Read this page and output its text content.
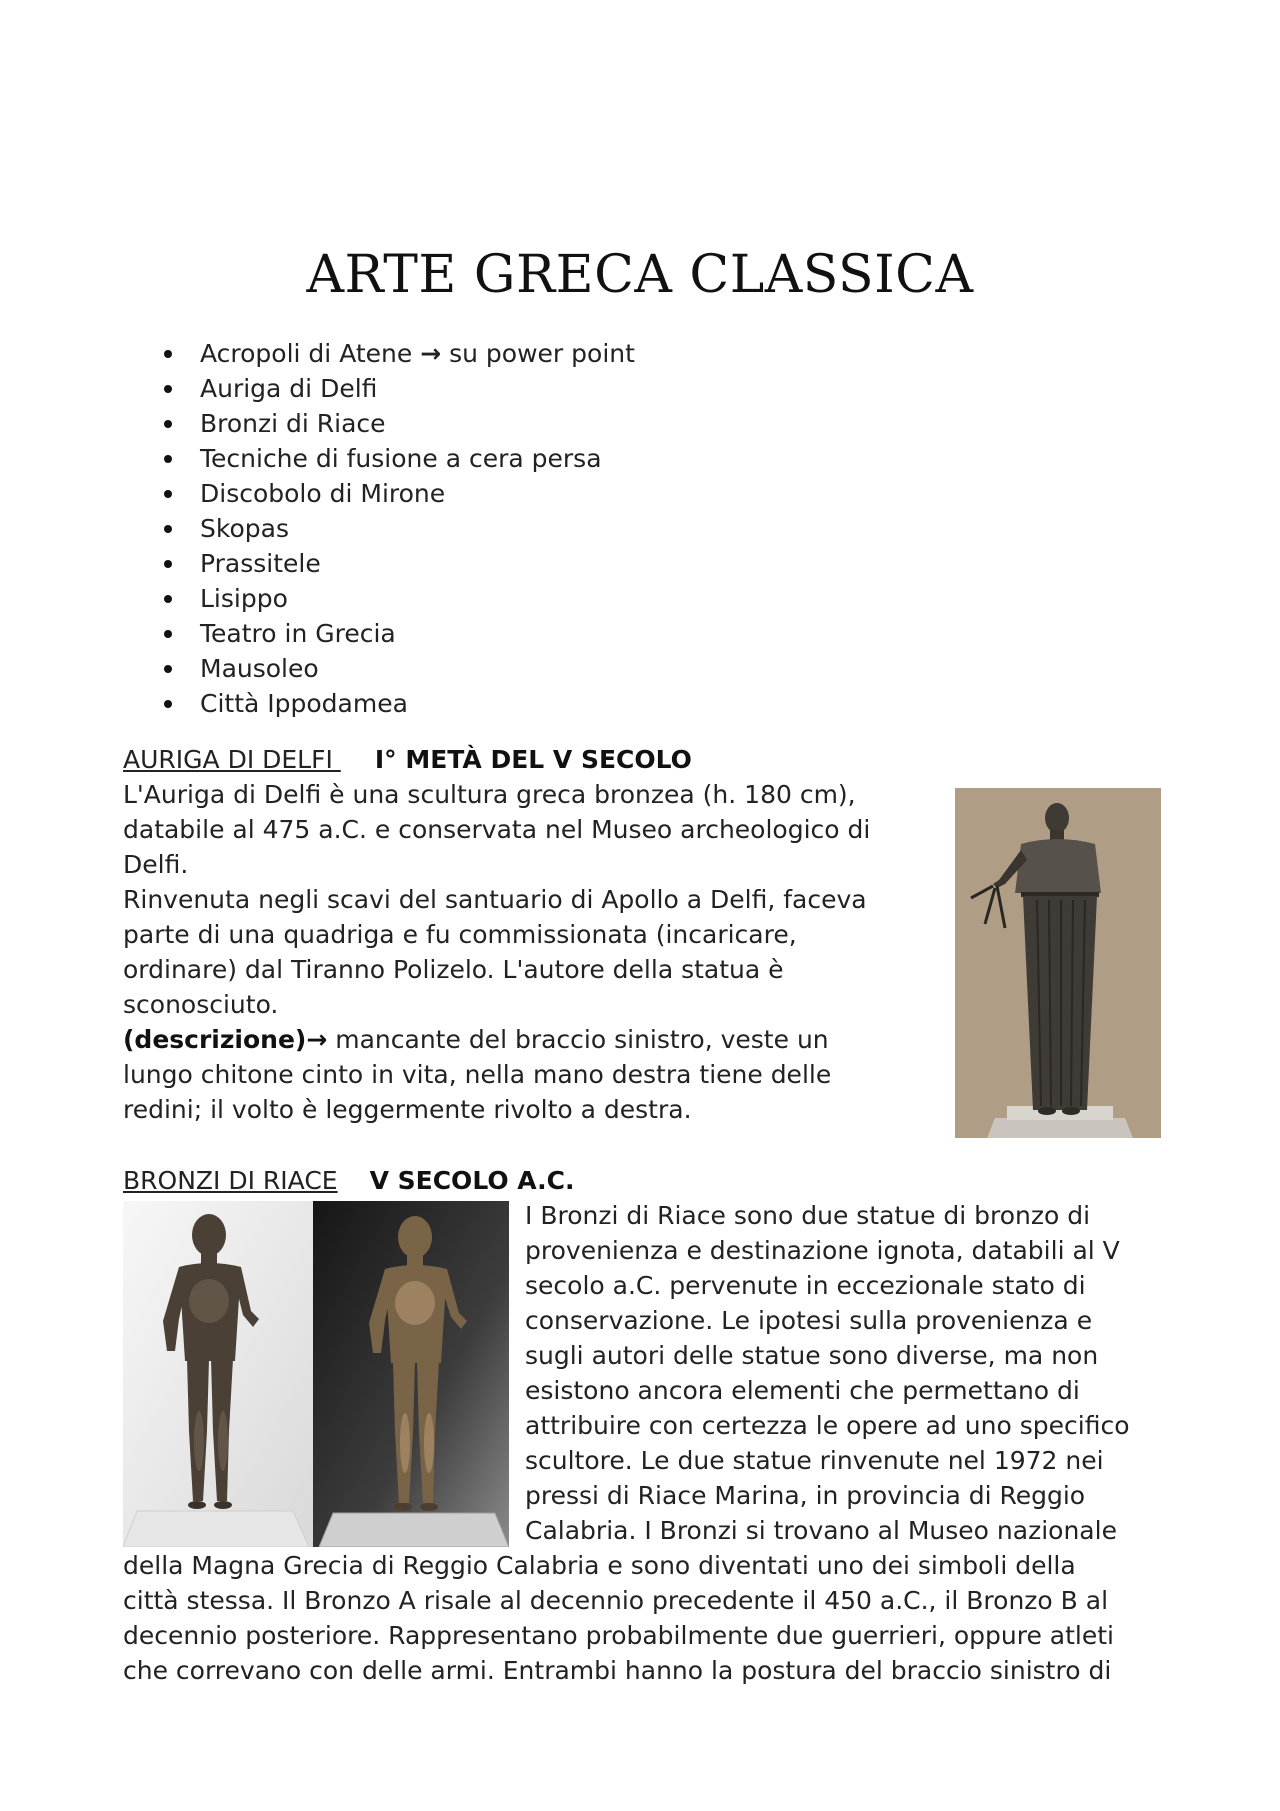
ARTE GRECA CLASSICA
Acropoli di Atene → su power point
Auriga di Delfi
Bronzi di Riace
Tecniche di fusione a cera persa
Discobolo di Mirone
Skopas
Prassitele
Lisippo
Teatro in Grecia
Mausoleo
Città Ippodamea
AURIGA DI DELFI I° METÀ DEL V SECOLO
L'Auriga di Delfi è una scultura greca bronzea (h. 180 cm),
databile al 475 a.C. e conservata nel Museo archeologico di
Delfi.
Rinvenuta negli scavi del santuario di Apollo a Delfi, faceva
parte di una quadriga e fu commissionata (incaricare,
ordinare) dal Tiranno Polizelo. L'autore della statua è
sconosciuto.
(descrizione)→ mancante del braccio sinistro, veste un
lungo chitone cinto in vita, nella mano destra tiene delle
redini; il volto è leggermente rivolto a destra.
BRONZI DI RIACE V SECOLO A.C.
I Bronzi di Riace sono due statue di bronzo di
provenienza e destinazione ignota, databili al V
secolo a.C. pervenute in eccezionale stato di
conservazione. Le ipotesi sulla provenienza e
sugli autori delle statue sono diverse, ma non
esistono ancora elementi che permettano di
attribuire con certezza le opere ad uno specifico
scultore. Le due statue rinvenute nel 1972 nei
pressi di Riace Marina, in provincia di Reggio
Calabria. I Bronzi si trovano al Museo nazionale
della Magna Grecia di Reggio Calabria e sono diventati uno dei simboli della
città stessa. Il Bronzo A risale al decennio precedente il 450 a.C., il Bronzo B al
decennio posteriore. Rappresentano probabilmente due guerrieri, oppure atleti
che correvano con delle armi. Entrambi hanno la postura del braccio sinistro di
